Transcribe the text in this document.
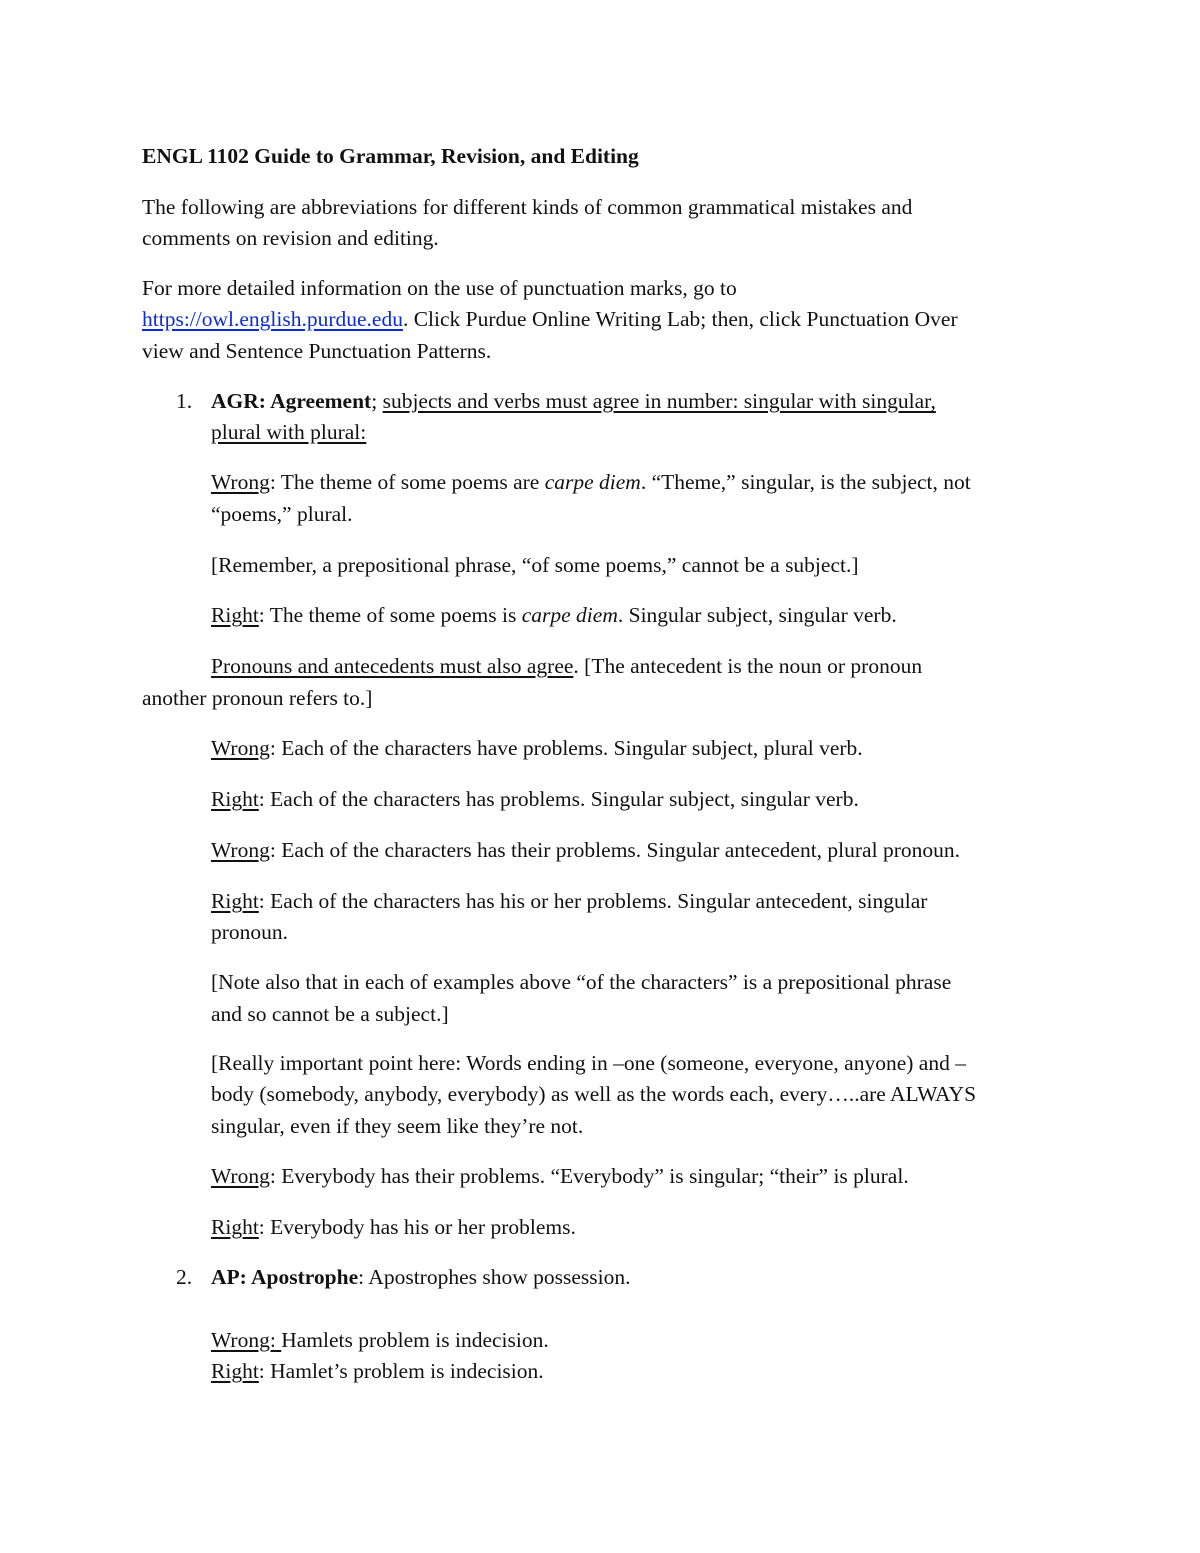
ENGL 1102 Guide to Grammar, Revision, and Editing
The following are abbreviations for different kinds of common grammatical mistakes and
comments on revision and editing.
For more detailed information on the use of punctuation marks, go to
https://owl.english.purdue.edu. Click Purdue Online Writing Lab; then, click Punctuation Over
view and Sentence Punctuation Patterns.
1. AGR: Agreement; subjects and verbs must agree in number: singular with singular,
plural with plural:
Wrong: The theme of some poems are carpe diem. “Theme,” singular, is the subject, not
“poems,” plural.
[Remember, a prepositional phrase, “of some poems,” cannot be a subject.]
Right: The theme of some poems is carpe diem. Singular subject, singular verb.
Pronouns and antecedents must also agree. [The antecedent is the noun or pronoun
another pronoun refers to.]
Wrong: Each of the characters have problems. Singular subject, plural verb.
Right: Each of the characters has problems. Singular subject, singular verb.
Wrong: Each of the characters has their problems. Singular antecedent, plural pronoun.
Right: Each of the characters has his or her problems. Singular antecedent, singular
pronoun.
[Note also that in each of examples above “of the characters” is a prepositional phrase
and so cannot be a subject.]
[Really important point here: Words ending in –one (someone, everyone, anyone) and –
body (somebody, anybody, everybody) as well as the words each, every…..are ALWAYS
singular, even if they seem like they’re not.
Wrong: Everybody has their problems. “Everybody” is singular; “their” is plural.
Right: Everybody has his or her problems.
2. AP: Apostrophe: Apostrophes show possession.
Wrong: Hamlets problem is indecision.
Right: Hamlet’s problem is indecision.
